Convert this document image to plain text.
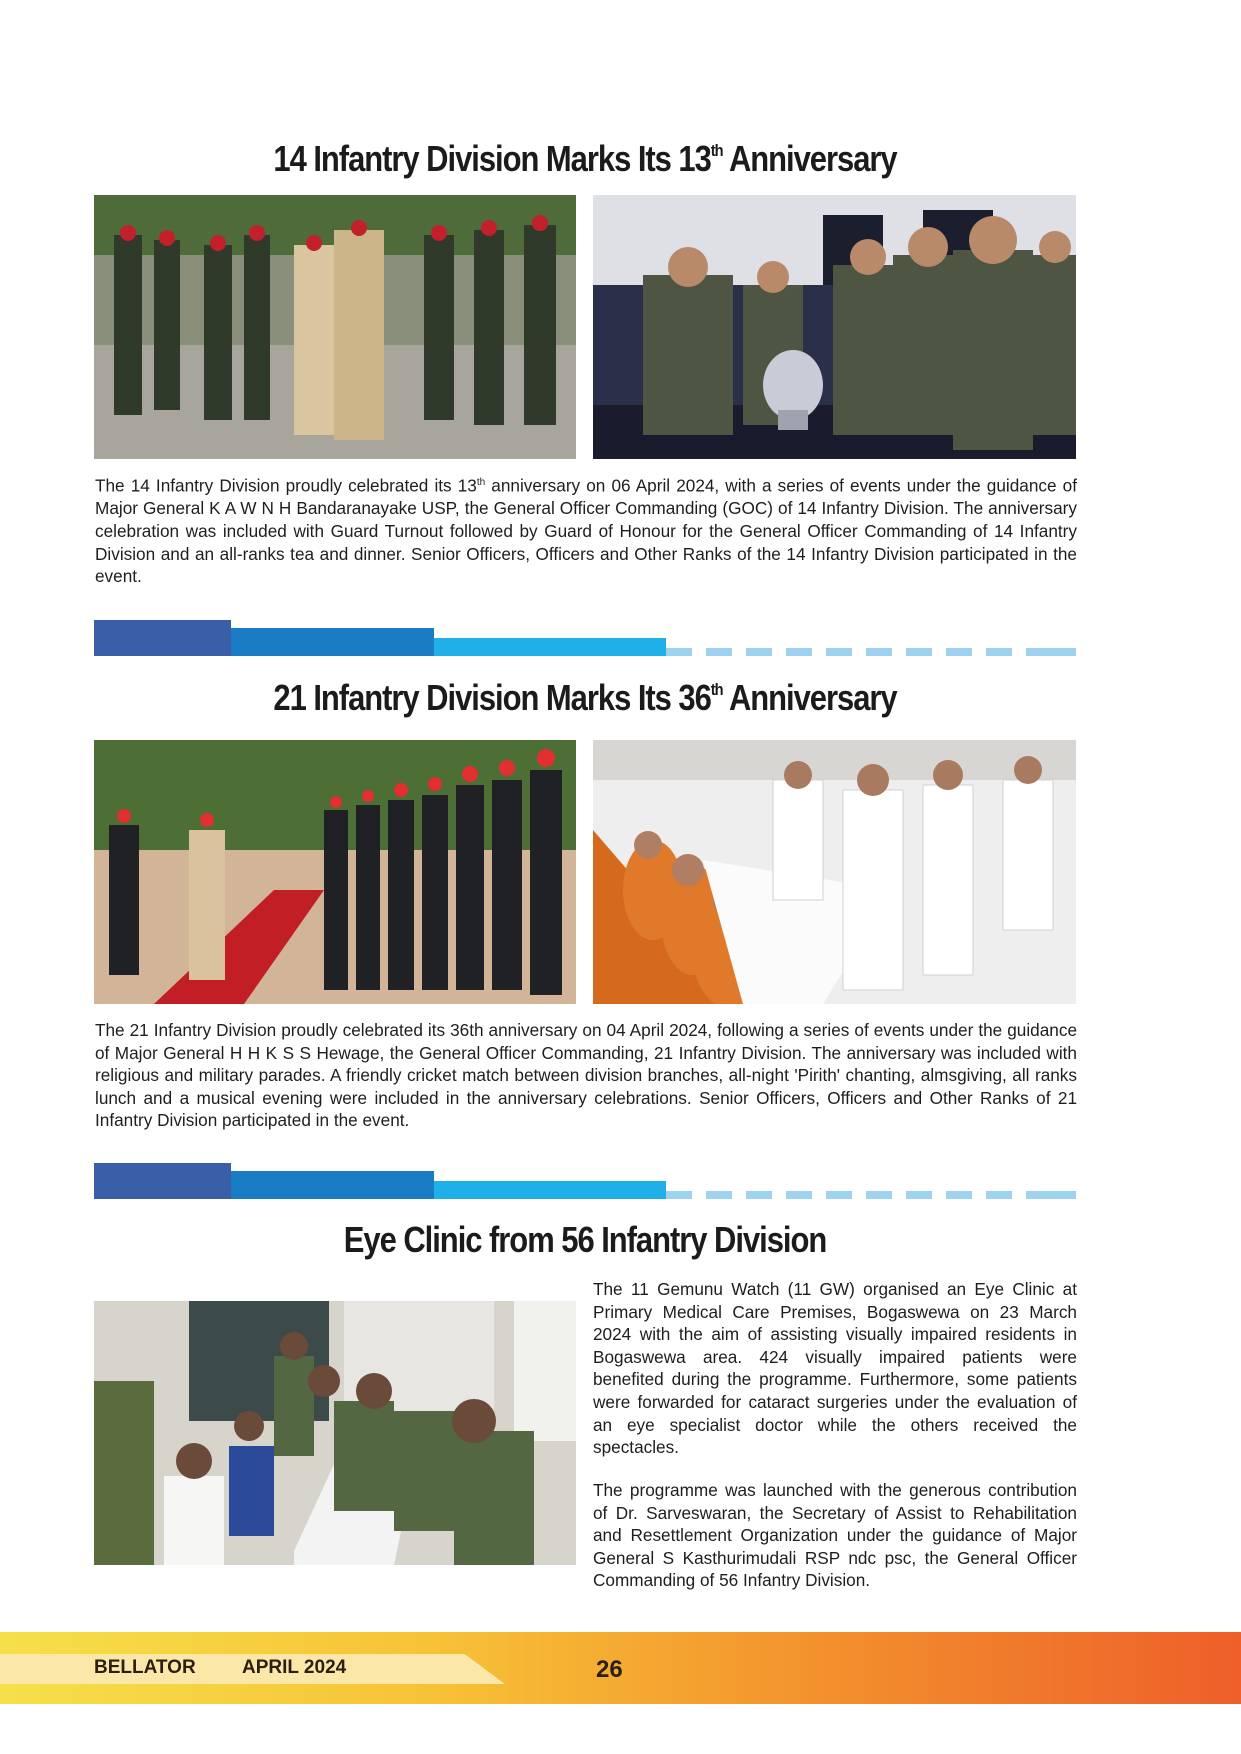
14 Infantry Division Marks Its 13th Anniversary

The 14 Infantry Division proudly celebrated its 13th anniversary on 06 April 2024, with a series of events under the guidance of Major General K A W N H Bandaranayake USP, the General Officer Commanding (GOC) of 14 Infantry Division. The anniversary celebration was included with Guard Turnout followed by Guard of Honour for the General Officer Commanding of 14 Infantry Division and an all-ranks tea and dinner. Senior Officers, Officers and Other Ranks of the 14 Infantry Division participated in the event.

21 Infantry Division Marks Its 36th Anniversary

The 21 Infantry Division proudly celebrated its 36th anniversary on 04 April 2024, following a series of events under the guidance of Major General H H K S S Hewage, the General Officer Commanding, 21 Infantry Division. The anniversary was included with religious and military parades. A friendly cricket match between division branches, all-night 'Pirith' chanting, almsgiving, all ranks lunch and a musical evening were included in the anniversary celebrations. Senior Officers, Officers and Other Ranks of 21 Infantry Division participated in the event.

Eye Clinic from 56 Infantry Division

The 11 Gemunu Watch (11 GW) organised an Eye Clinic at Primary Medical Care Premises, Bogaswewa on 23 March 2024 with the aim of assisting visually impaired residents in Bogaswewa area. 424 visually impaired patients were benefited during the programme. Furthermore, some patients were forwarded for cataract surgeries under the evaluation of an eye specialist doctor while the others received the spectacles.

The programme was launched with the generous contribution of Dr. Sarveswaran, the Secretary of Assist to Rehabilitation and Resettlement Organization under the guidance of Major General S Kasthurimudali RSP ndc psc, the General Officer Commanding of 56 Infantry Division.

BELLATOR APRIL 2024	26
